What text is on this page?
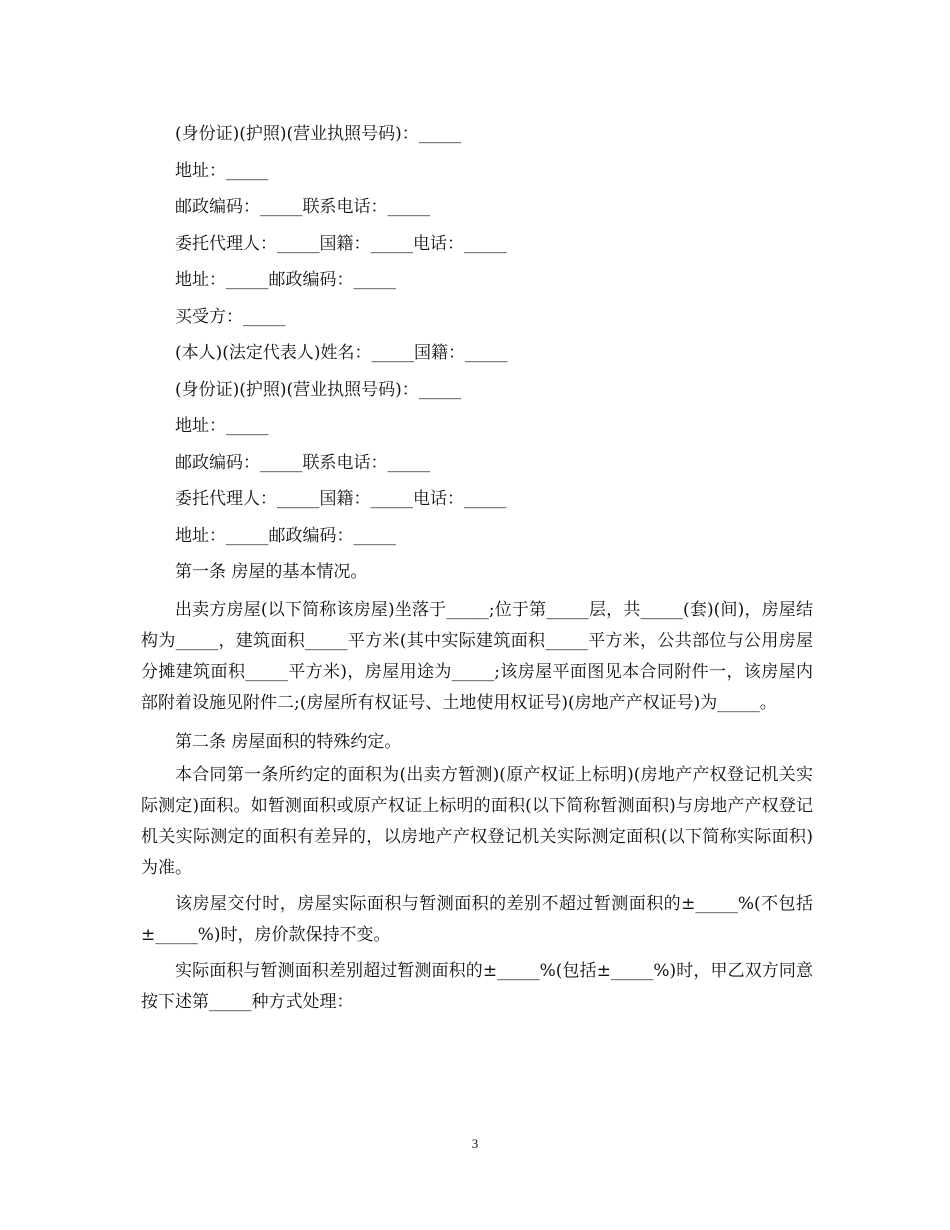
(身份证)(护照)(营业执照号码)：_____
地址：_____
邮政编码：_____联系电话：_____
委托代理人：_____国籍：_____电话：_____
地址：_____邮政编码：_____
买受方：_____
(本人)(法定代表人)姓名：_____国籍：_____
(身份证)(护照)(营业执照号码)：_____
地址：_____
邮政编码：_____联系电话：_____
委托代理人：_____国籍：_____电话：_____
地址：_____邮政编码：_____
第一条 房屋的基本情况。
出卖方房屋(以下简称该房屋)坐落于_____;位于第_____层，共_____(套)(间)，房屋结构为_____，建筑面积_____平方米(其中实际建筑面积_____平方米，公共部位与公用房屋分摊建筑面积_____平方米)，房屋用途为_____;该房屋平面图见本合同附件一，该房屋内部附着设施见附件二;(房屋所有权证号、土地使用权证号)(房地产产权证号)为_____。
第二条 房屋面积的特殊约定。
本合同第一条所约定的面积为(出卖方暂测)(原产权证上标明)(房地产产权登记机关实际测定)面积。如暂测面积或原产权证上标明的面积(以下简称暂测面积)与房地产产权登记机关实际测定的面积有差异的，以房地产产权登记机关实际测定面积(以下简称实际面积)为准。
该房屋交付时，房屋实际面积与暂测面积的差别不超过暂测面积的±_____%(不包括±_____%)时，房价款保持不变。
实际面积与暂测面积差别超过暂测面积的±_____%(包括±_____%)时，甲乙双方同意按下述第_____种方式处理：
3
